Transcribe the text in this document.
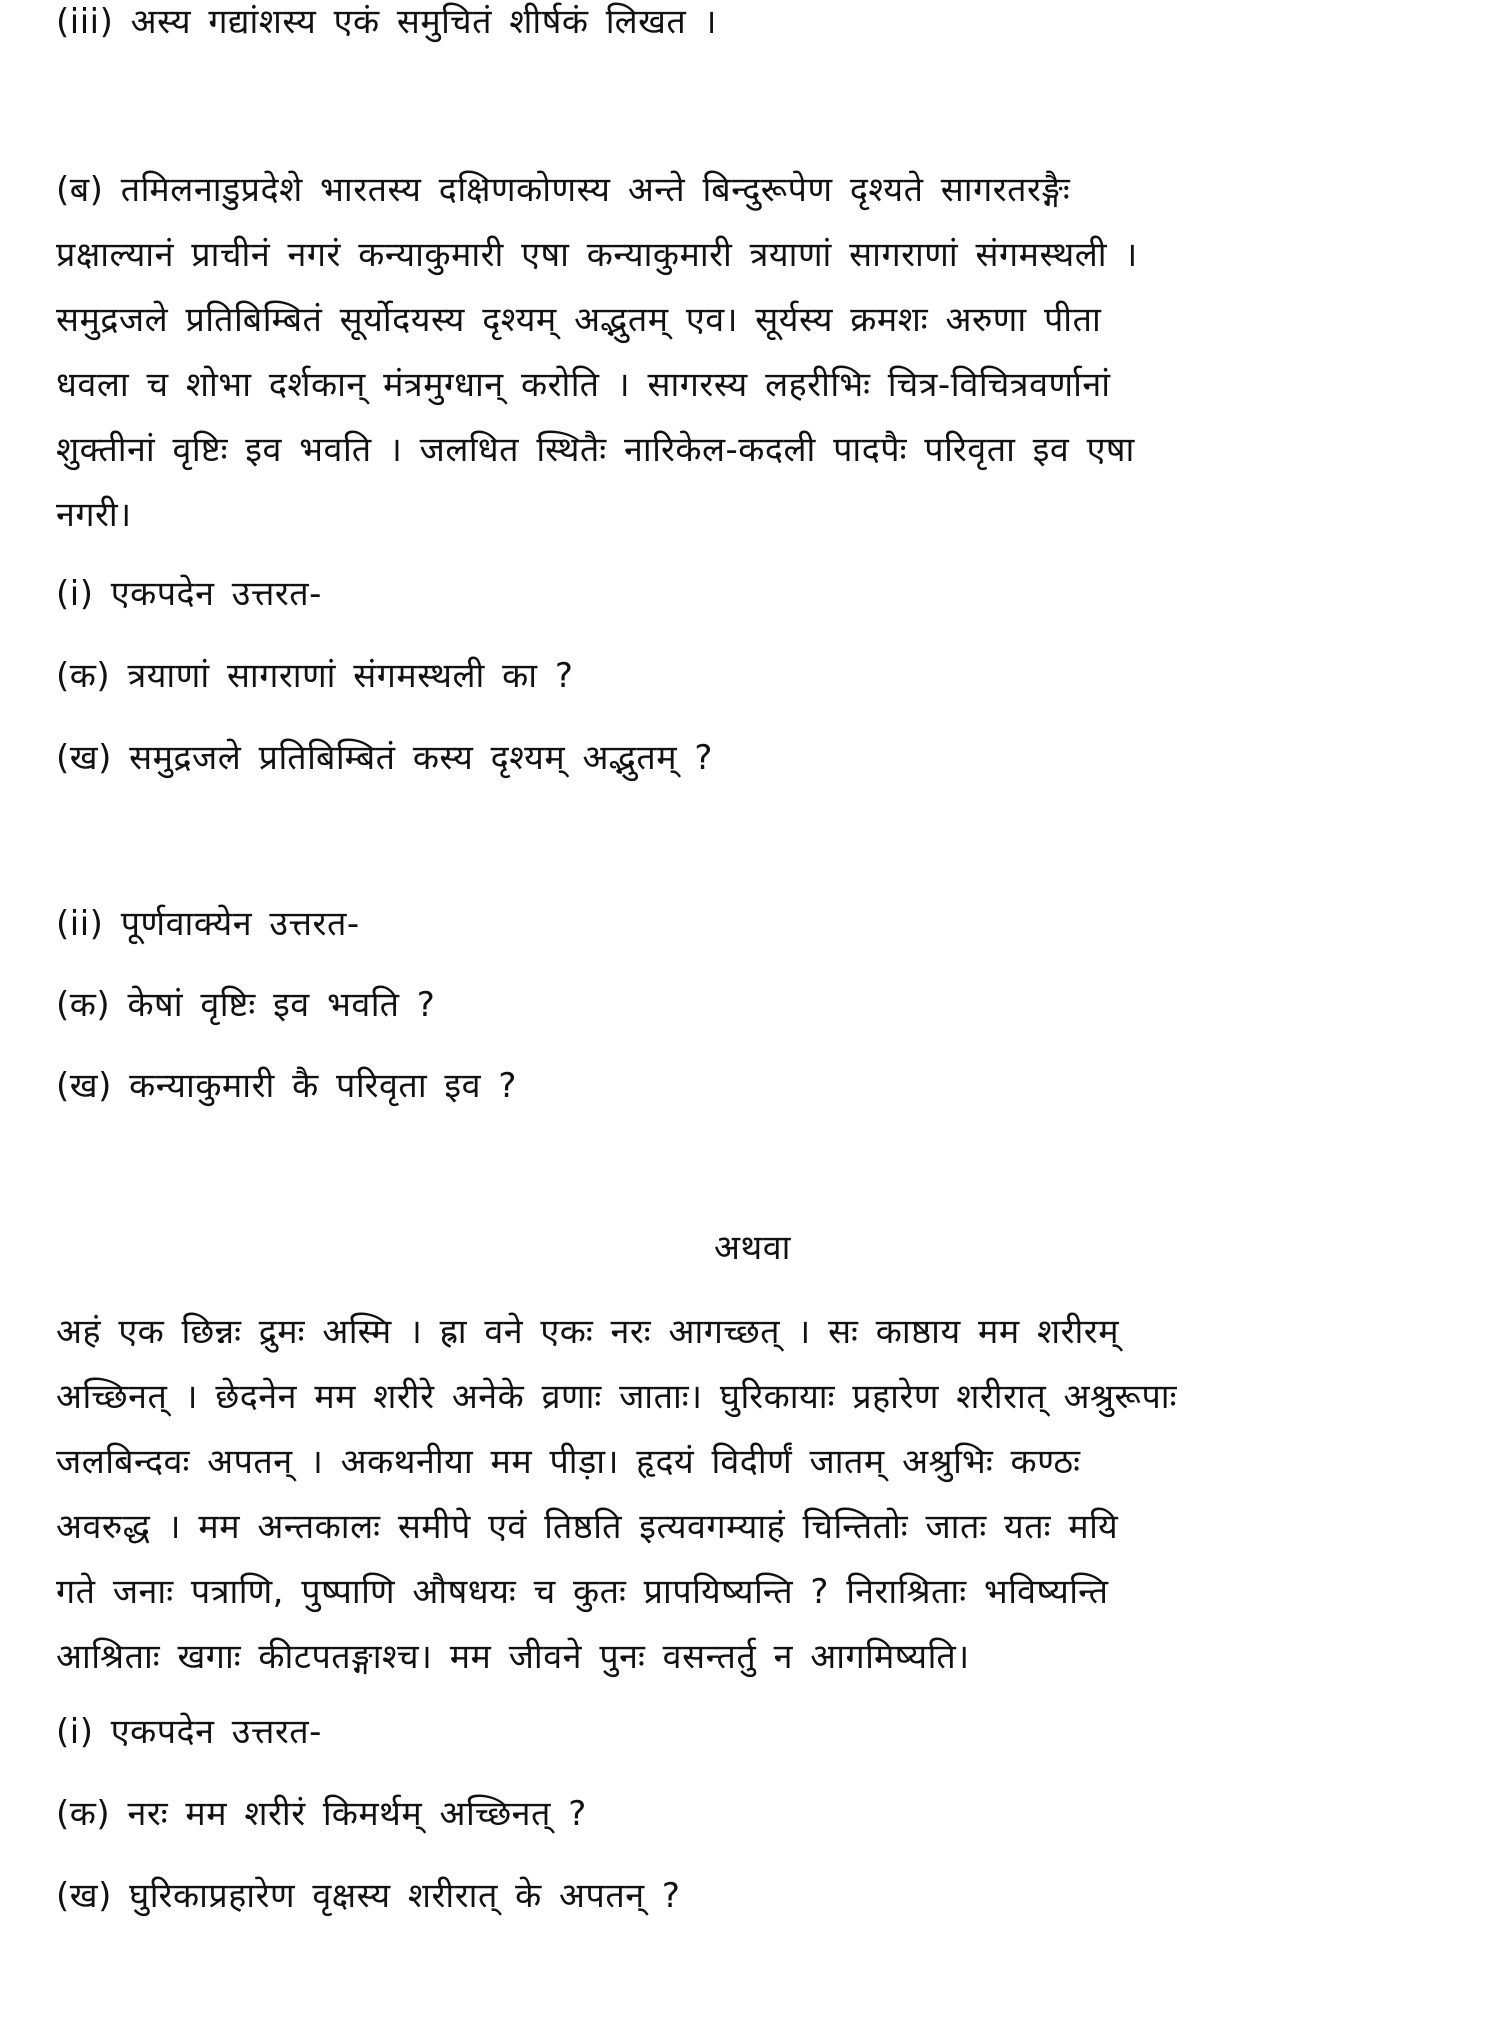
(iii) अस्य गद्यांशस्य एकं समुचितं शीर्षकं लिखत ।
(ब) तमिलनाडुप्रदेशे भारतस्य दक्षिणकोणस्य अन्ते बिन्दुरूपेण दृश्यते सागरतरङ्गैः
प्रक्षाल्यानं प्राचीनं नगरं कन्याकुमारी एषा कन्याकुमारी त्रयाणां सागराणां संगमस्थली ।
समुद्रजले प्रतिबिम्बितं सूर्योदयस्य दृश्यम् अद्भुतम् एव। सूर्यस्य क्रमशः अरुणा पीता
धवला च शोभा दर्शकान् मंत्रमुग्धान् करोति । सागरस्य लहरीभिः चित्र-विचित्रवर्णानां
शुक्तीनां वृष्टिः इव भवति । जलधित स्थितैः नारिकेल-कदली पादपैः परिवृता इव एषा
नगरी।
(i) एकपदेन उत्तरत-
(क) त्रयाणां सागराणां संगमस्थली का ?
(ख) समुद्रजले प्रतिबिम्बितं कस्य दृश्यम् अद्भुतम् ?
(ii) पूर्णवाक्येन उत्तरत-
(क) केषां वृष्टिः इव भवति ?
(ख) कन्याकुमारी कै परिवृता इव ?
अथवा
अहं एक छिन्नः द्रुमः अस्मि । ह्रा वने एकः नरः आगच्छत् । सः काष्ठाय मम शरीरम्
अच्छिनत् । छेदनेन मम शरीरे अनेके व्रणाः जाताः। घुरिकायाः प्रहारेण शरीरात् अश्रुरूपाः
जलबिन्दवः अपतन् । अकथनीया मम पीड़ा। हृदयं विदीर्णं जातम् अश्रुभिः कण्ठः
अवरुद्ध । मम अन्तकालः समीपे एवं तिष्ठति इत्यवगम्याहं चिन्तितोः जातः यतः मयि
गते जनाः पत्राणि, पुष्पाणि औषधयः च कुतः प्रापयिष्यन्ति ? निराश्रिताः भविष्यन्ति
आश्रिताः खगाः कीटपतङ्गाश्च। मम जीवने पुनः वसन्तर्तु न आगमिष्यति।
(i) एकपदेन उत्तरत-
(क) नरः मम शरीरं किमर्थम् अच्छिनत् ?
(ख) घुरिकाप्रहारेण वृक्षस्य शरीरात् के अपतन् ?
